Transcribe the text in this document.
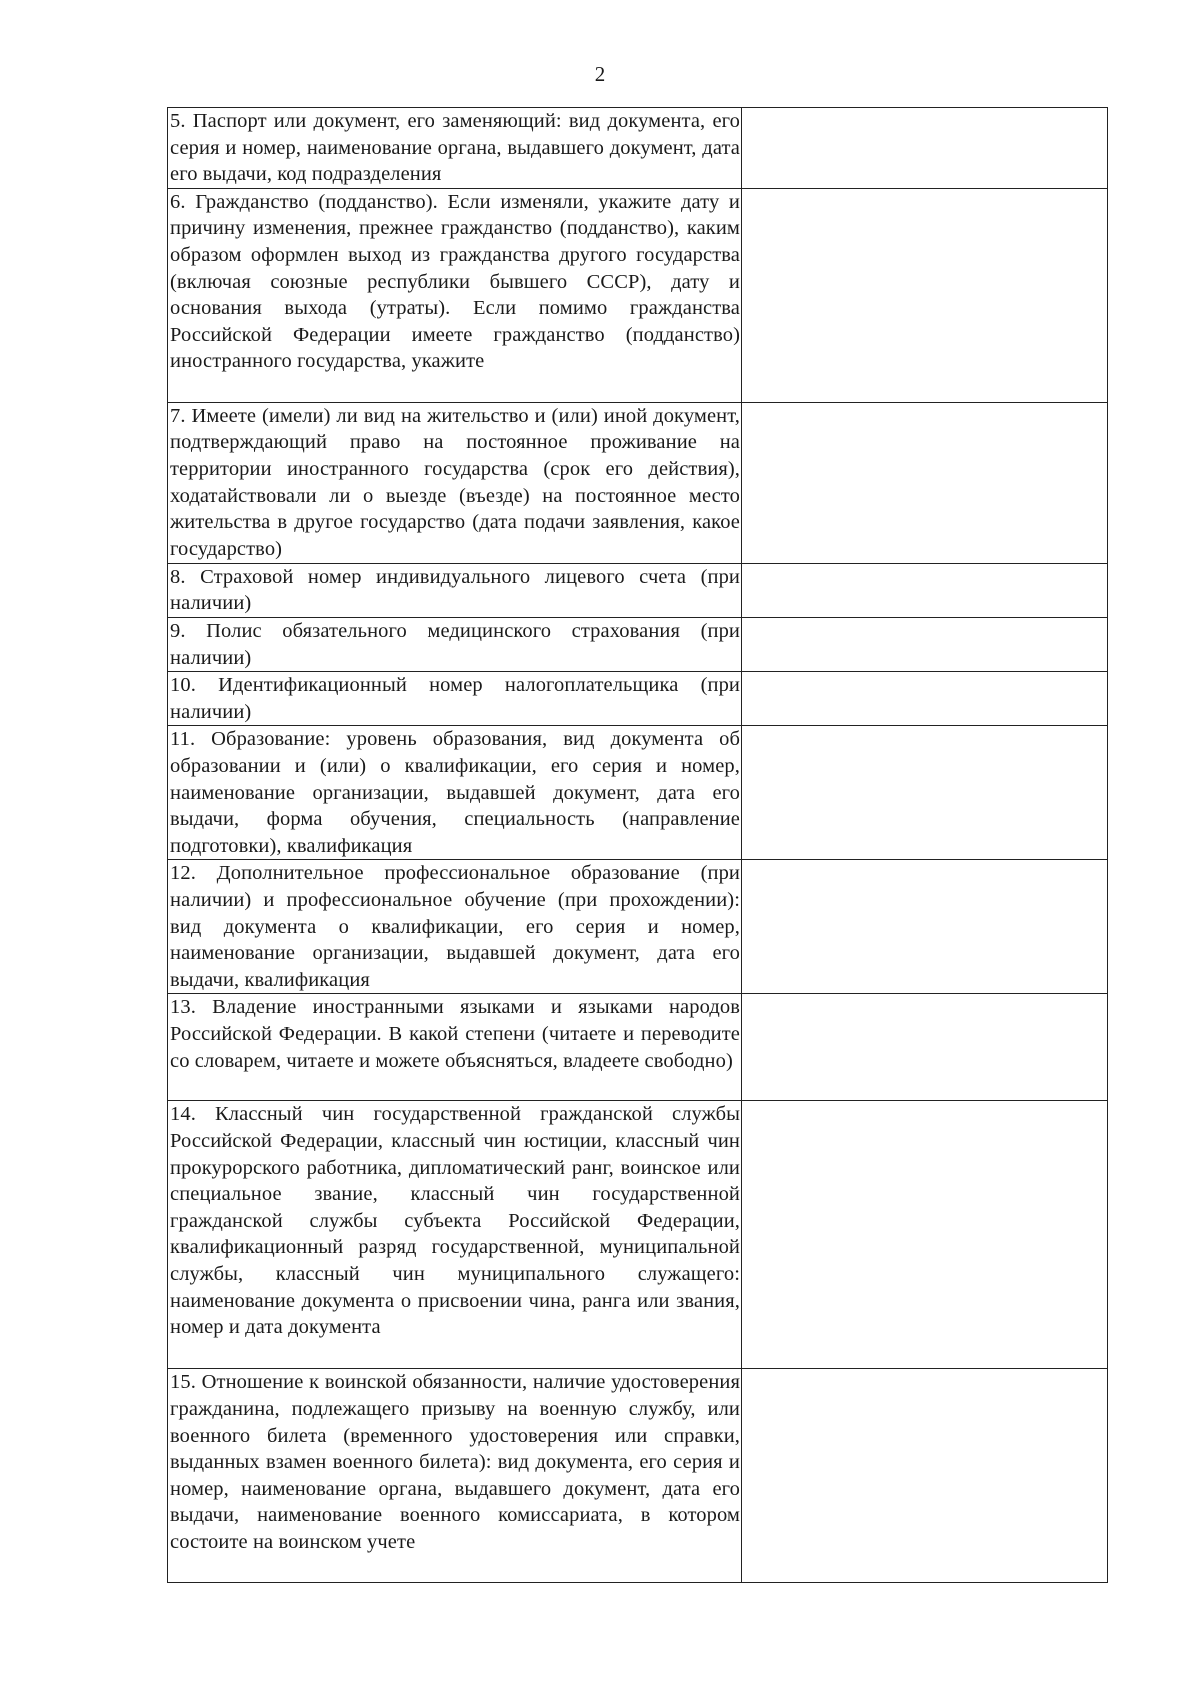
2
5. Паспорт или документ, его заменяющий: вид документа, его серия и номер, наименование органа, выдавшего документ, дата его выдачи, код подразделения	

6. Гражданство (подданство). Если изменяли, укажите дату и причину изменения, прежнее гражданство (подданство), каким образом оформлен выход из гражданства другого государства (включая союзные республики бывшего СССР), дату и основания выхода (утраты). Если помимо гражданства Российской Федерации имеете гражданство (подданство) иностранного государства, укажите	

7. Имеете (имели) ли вид на жительство и (или) иной документ, подтверждающий право на постоянное проживание на территории иностранного государства (срок его действия), ходатайствовали ли о выезде (въезде) на постоянное место жительства в другое государство (дата подачи заявления, какое государство)	

8. Страховой номер индивидуального лицевого счета (при наличии)	

9. Полис обязательного медицинского страхования (при наличии)	

10. Идентификационный номер налогоплательщика (при наличии)	

11. Образование: уровень образования, вид документа об образовании и (или) о квалификации, его серия и номер, наименование организации, выдавшей документ, дата его выдачи, форма обучения, специальность (направление подготовки), квалификация	

12. Дополнительное профессиональное образование (при наличии) и профессиональное обучение (при прохождении): вид документа о квалификации, его серия и номер, наименование организации, выдавшей документ, дата его выдачи, квалификация	

13. Владение иностранными языками и языками народов Российской Федерации. В какой степени (читаете и переводите со словарем, читаете и можете объясняться, владеете свободно)	

14. Классный чин государственной гражданской службы Российской Федерации, классный чин юстиции, классный чин прокурорского работника, дипломатический ранг, воинское или специальное звание, классный чин государственной гражданской службы субъекта Российской Федерации, квалификационный разряд государственной, муниципальной службы, классный чин муниципального служащего: наименование документа о присвоении чина, ранга или звания, номер и дата документа	

15. Отношение к воинской обязанности, наличие удостоверения гражданина, подлежащего призыву на военную службу, или военного билета (временного удостоверения или справки, выданных взамен военного билета): вид документа, его серия и номер, наименование органа, выдавшего документ, дата его выдачи, наименование военного комиссариата, в котором состоите на воинском учете	
